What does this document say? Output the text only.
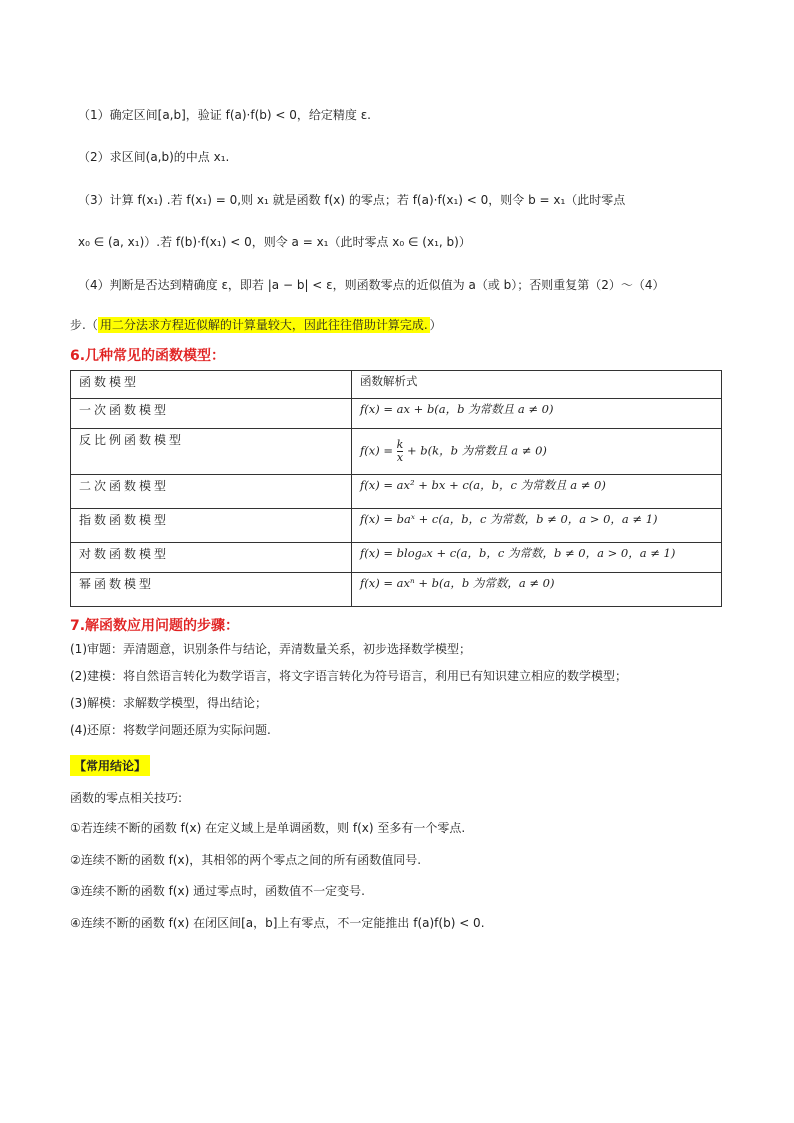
（1）确定区间[a,b]，验证 f(a)·f(b) < 0，给定精度 ε.
（2）求区间(a,b)的中点 x₁.
（3）计算 f(x₁) .若 f(x₁) = 0,则 x₁ 就是函数 f(x) 的零点；若 f(a)·f(x₁) < 0，则令 b = x₁（此时零点
x₀ ∈ (a, x₁)）.若 f(b)·f(x₁) < 0，则令 a = x₁（此时零点 x₀ ∈ (x₁, b)）
（4）判断是否达到精确度 ε，即若 |a − b| < ε，则函数零点的近似值为 a（或 b）；否则重复第（2）～（4）
步.（ 用二分法求方程近似解的计算量较大，因此往往借助计算完成. ）
6.几种常见的函数模型：
函数模型	函数解析式
一次函数模型	f(x) = ax + b(a，b 为常数且 a ≠ 0)
反比例函数模型	$f(x) = \frac{k}{x} + b(k$，b 为常数且 a ≠ 0)
二次函数模型	f(x) = ax² + bx + c(a，b，c 为常数且 a ≠ 0)
指数函数模型	f(x) = baˣ + c(a，b，c 为常数，b ≠ 0，a > 0，a ≠ 1)
对数函数模型	f(x) = blogₐx + c(a，b，c 为常数，b ≠ 0，a > 0，a ≠ 1)
幂函数模型	f(x) = axⁿ + b(a，b 为常数，a ≠ 0)
7.解函数应用问题的步骤：
(1)审题：弄清题意，识别条件与结论，弄清数量关系，初步选择数学模型；
(2)建模：将自然语言转化为数学语言，将文字语言转化为符号语言，利用已有知识建立相应的数学模型；
(3)解模：求解数学模型，得出结论；
(4)还原：将数学问题还原为实际问题.
【常用结论】
函数的零点相关技巧:
①若连续不断的函数 f(x) 在定义域上是单调函数，则 f(x) 至多有一个零点.
②连续不断的函数 f(x)，其相邻的两个零点之间的所有函数值同号.
③连续不断的函数 f(x) 通过零点时，函数值不一定变号.
④连续不断的函数 f(x) 在闭区间[a，b]上有零点，不一定能推出 f(a)f(b) < 0.
